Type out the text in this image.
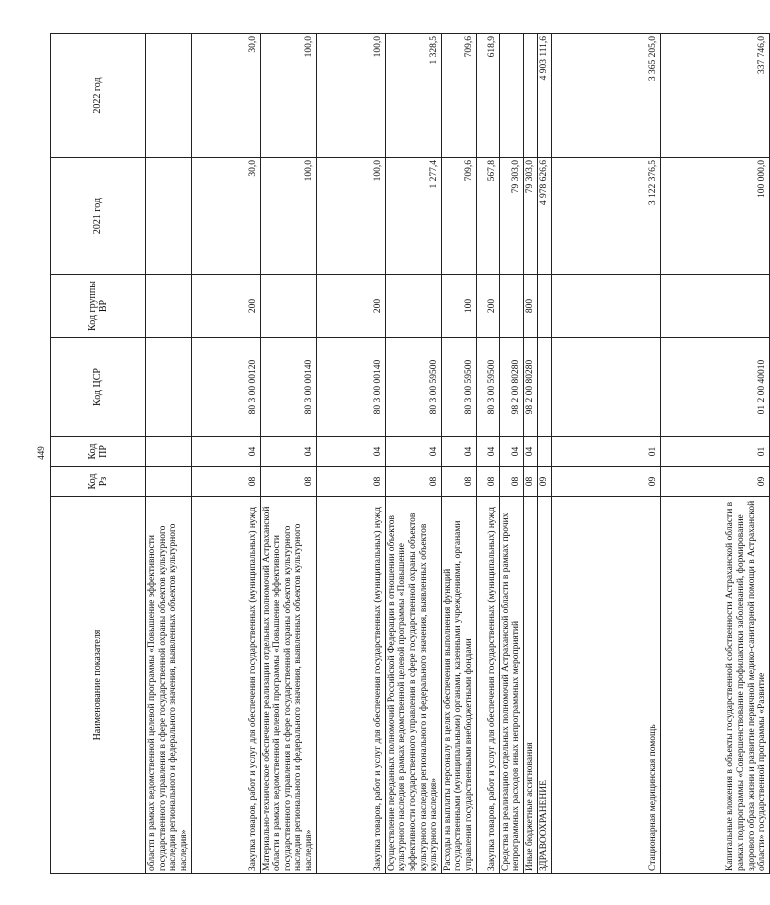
449
Наименование показателя	Код Рз	Код ПР	Код ЦСР	Код группы ВР	2021 год	2022 год
областп в рамках ведомственной целевой программы «Повышение эффективности государственного управления в сфере государственной охраны объектов культурного наследия регионального и федерального значения, выявленных объектов культурного наследия»						
Закупка товаров, работ и услуг для обеспечения государственных (муниципальных) нужд	08	04	80 3 00 00120	200	30,0	30,0
Материально-техническое обеспечение реализации отдельных полномочий Астраханской области в рамках ведомственной целевой программы «Повышение эффективности государственного управления в сфере государственной охраны объектов культурного наследия регионального и федерального значения, выявленных объектов культурного наследия»	08	04	80 3 00 00140		100,0	100,0
Закупка товаров, работ и услуг для обеспечения государственных (муниципальных) нужд	08	04	80 3 00 00140	200	100,0	100,0
Осуществление переданных полномочий Российской Федерации в отношении объектов культурного наследия в рамках ведомственной целевой программы «Повышение эффективности государственного управления в сфере государственной охраны объектов культурного наследия регионального и федерального значения, выявленных объектов культурного наследия»	08	04	80 3 00 59500		1 277,4	1 328,5
Расходы на выплаты персоналу в целях обеспечения выполнения функций государственными (муниципальными) органами, казенными учреждениями, органами управления государственными внебюджетными фондами	08	04	80 3 00 59500	100	709,6	709,6
Закупка товаров, работ и услуг для обеспечения государственных (муниципальных) нужд	08	04	80 3 00 59500	200	567,8	618,9
Средства на реализацию отдельных полномочий Астраханской области в рамках прочих непрограммных расходов иных непрограммных мероприятий	08	04	98 2 00 80280		79 303,0	
Иные бюджетные ассигнования	08	04	98 2 00 80280	800	79 303,0	
ЗДРАВООХРАНЕНИЕ	09				4 978 626,6	4 903 111,6
Стационарная медицинская помощь	09	01			3 122 376,5	3 365 205,0
Капитальные вложения в объекты государственной собственности Астраханской области в рамках подпрограммы «Совершенствование профилактики заболеваний, формирование здорового образа жизни и развитие первичной медико-санитарной помощи в Астраханской области» государственной программы «Развитие	09	01	01 2 00 40010		100 000,0	337 746,0
